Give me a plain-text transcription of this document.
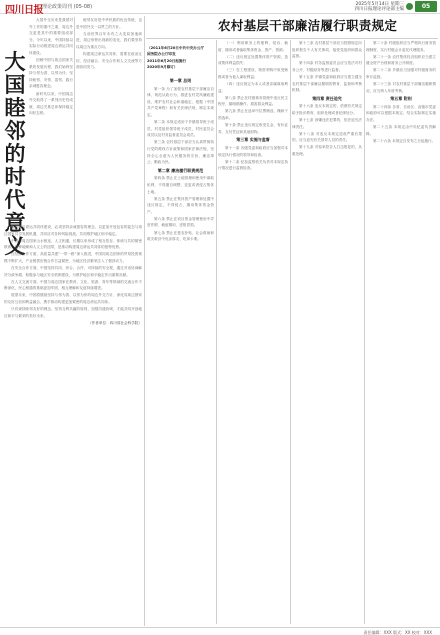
四川日报 理论政策周刊 (05-08)	2025年5月14日 星期三
四川日报理论评论部主编	05
大国睦邻的时代意义

大国外交历来是我国对外工作的重中之重，周边外交更是其中的重要组成部分。今年以来，中国持续以实际行动推进周边命运共同体建设。

回顾中国与周边国家关系的发展历程，我们始终坚持与邻为善、以邻为伴，坚持睦邻、安邻、富邻，践行亲诚惠容理念。

新时代以来，中国周边外交取得了一系列历史性成就，周边关系总体保持稳定向好态势。

睦邻友好是中华民族的优良传统，也是中国外交一以贯之的方针。

当前世界百年未有之大变局加速演进，周边形势出现新的变化，我们要坚持以周边为重点方向。

构建周边命运共同体，需要在政治互信、经济融合、安全合作和人文交流等方面协同发力。

推进周边命运共同体建设，必须坚持亲诚惠容的理念，以更加开放包容的姿态与周边国家共享发展机遇，共同应对各种风险挑战，共同维护地区和平稳定。

中国与周边国家山水相连、人文相通，长期以来形成了相互依存、休戚与共的紧密联系。这种地缘和人文上的纽带，是推动构建周边命运共同体的独特优势。

在经济合作方面，高质量共建“一带一路”深入推进，中国同周边国家的贸易投资规模不断扩大，产业链供应链合作日益紧密，为地区经济繁荣注入了强劲动力。

在安全合作方面，中国坚持共同、综合、合作、可持续的安全观，通过对话协商解决分歧争端，积极参与地区安全机制建设，为维护地区和平稳定作出重要贡献。

在人文交流方面，中国与周边国家在教育、文化、旅游、青年等领域的交流合作不断深化，民心相通的基础更加牢固，相互理解和友谊持续增进。

展望未来，中国将继续坚持与邻为善、以邻为伴的周边外交方针，深化同周边国家的友好互信和利益融合，携手推动构建更加紧密的周边命运共同体。

只有秉持睦邻友好的理念，坚持互利共赢的原则，加强沟通协调，才能共同开创地区和平与繁荣的美好未来。

（作者单位：四川省社会科学院）

农村基层干部廉洁履行职责规定
（2011年6月20日中共中央办公厅
国务院办公厅印发
2011年6月20日起施行
2020年9月修订）

第一章 总则

第一条 为了加强农村基层干部廉洁自律，规范从政行为，推进农村党风廉政建设，维护农村社会和谐稳定，根据《中国共产党章程》和有关法律法规，制定本规定。

第二条 本规定适用于乡镇领导班子成员，村党组织领导班子成员，村民委员会成员以及村务监督委员会成员。

第三条 农村基层干部应当认真贯彻执行党的路线方针政策和国家法律法规，坚持全心全意为人民服务的宗旨，廉洁奉公，勤政为民。

第二章 廉洁履行职责规范

第四条 禁止在土地管理和使用中谋取私利，不得擅自调整、变更或者侵占集体土地。

第五条 禁止在集体资产管理和处置中违反规定，不得侵占、挪用集体资金资产。

第六条 禁止在项目资金管理使用中弄虚作假、截留挪用、虚报冒领。

第七条 禁止在惠农补贴、社会救助和救灾救济中优亲厚友、吃拿卡要。

（一）利用职务上的便利，侵吞、截留、挪用或者骗取集体资金、资产、资源；

（二）违反规定处置集体资产资源，造成集体利益损失；

（三）在工程建设、物资采购中收受贿赂或者为他人谋取利益；

（四）违反规定为本人或者亲属谋取利益；

第八条 禁止在村级事务管理中违反民主程序，搞暗箱操作，损害群众利益。

第九条 禁止在选举中拉票贿选、操纵干预选举。

第十条 禁止违反规定收受礼金、有价证券、支付凭证和其他财物。

第三章 实施与监督

第十一条 各级党委和政府应当加强对本规定执行情况的领导和检查。

第十二条 纪检监察机关负责对本规定执行情况进行监督检查。

第十三条 农村基层干部应当按照规定向组织报告个人有关事项，接受党组织和群众监督。

第十四条 村务监督委员会应当依法对村务公开、村级财务等进行监督。

第十五条 乡镇党委和政府应当建立健全农村基层干部廉洁履职的教育、监督和考核机制。

第四章 责任追究

第十六条 违反本规定的，依照有关规定给予批评教育、组织处理或者纪律处分。

第十七条 涉嫌违法犯罪的，依法追究法律责任。

第十八条 对违反本规定造成严重后果的，应当追究有关领导人员的责任。

第十九条 对检举控告人打击报复的，从重处理。

第二十条 村级组织应当严格执行财务管理制度，实行村级会计委托代理服务。

第二十一条 农村集体经济组织应当建立健全资产台账和财务公开制度。

第二十二条 乡镇应当加强对村级财务的审计监督。

第二十三条 对农村基层干部廉洁履职情况，应当纳入年度考核。

第五章 附则

第二十四条 各省、自治区、直辖市党委和政府可以根据本规定，结合实际制定实施办法。

第二十五条 本规定由中央纪委负责解释。

第二十六条 本规定自发布之日起施行。

责任编辑：XXX 版式：XX 校对：XXX
